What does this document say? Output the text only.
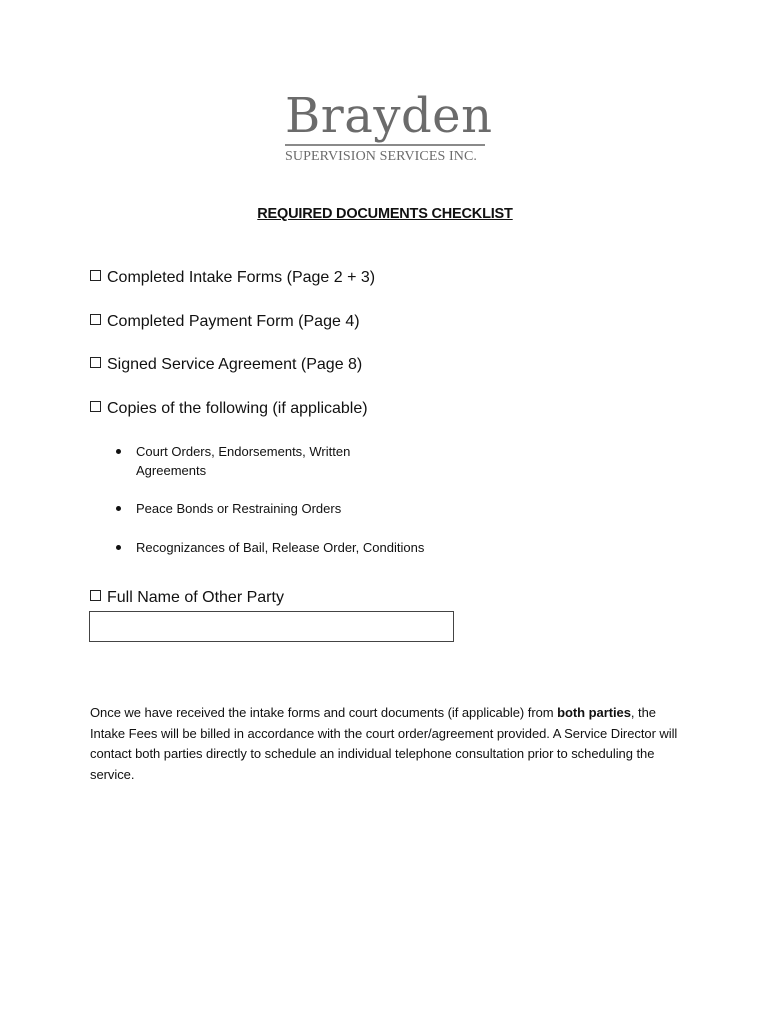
Brayden
SUPERVISION SERVICES INC.
REQUIRED DOCUMENTS CHECKLIST
Completed Intake Forms (Page 2 + 3)
Completed Payment Form (Page 4)
Signed Service Agreement (Page 8)
Copies of the following (if applicable)
Court Orders, Endorsements, Written Agreements
Peace Bonds or Restraining Orders
Recognizances of Bail, Release Order, Conditions
Full Name of Other Party
Once we have received the intake forms and court documents (if applicable) from both parties, the Intake Fees will be billed in accordance with the court order/agreement provided. A Service Director will contact both parties directly to schedule an individual telephone consultation prior to scheduling the service.
